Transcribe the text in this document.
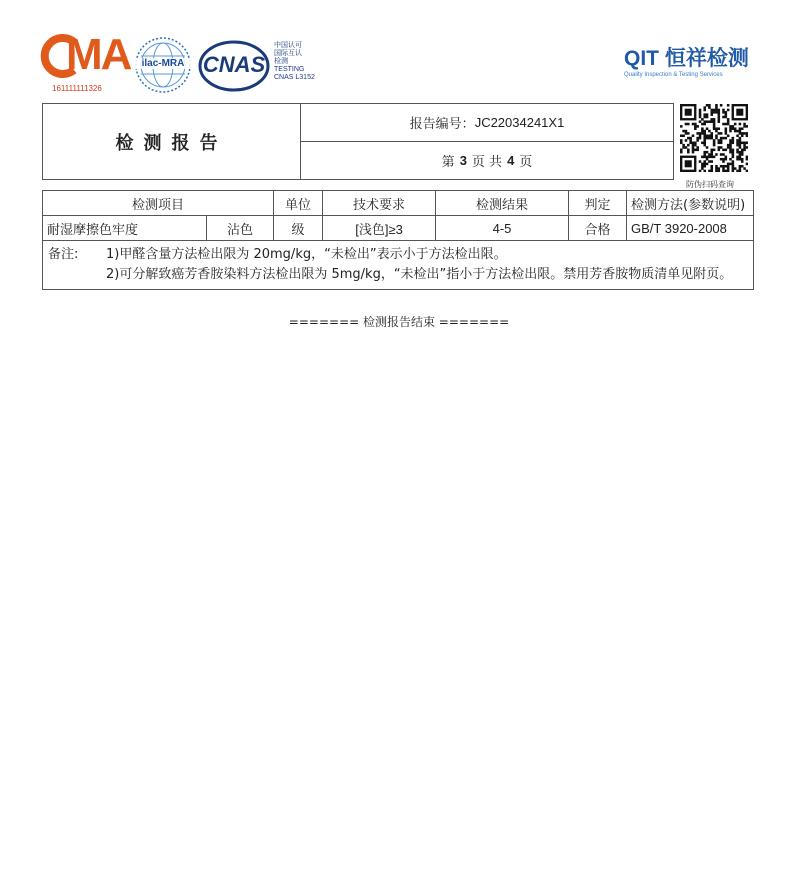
MA
161111111326
ilac-MRA CNAS
中国认可
国际互认
检测
TESTING
CNAS L3152
QIT 恒祥检测
Quality Inspection & Testing Services
检测报告
报告编号： JC22034241X1
第 3 页 共 4 页
防伪扫码查询
检测项目		单位	技术要求	检测结果	判定	检测方法(参数说明)
耐湿摩擦色牢度	沾色	级	[浅色]≥3	4-5	合格	GB/T 3920-2008

备注: 1)甲醛含量方法检出限为 20mg/kg，“未检出”表示小于方法检出限。
2)可分解致癌芳香胺染料方法检出限为 5mg/kg，“未检出”指小于方法检出限。禁用芳香胺物质清单见附页。						
======= 检测报告结束 =======
